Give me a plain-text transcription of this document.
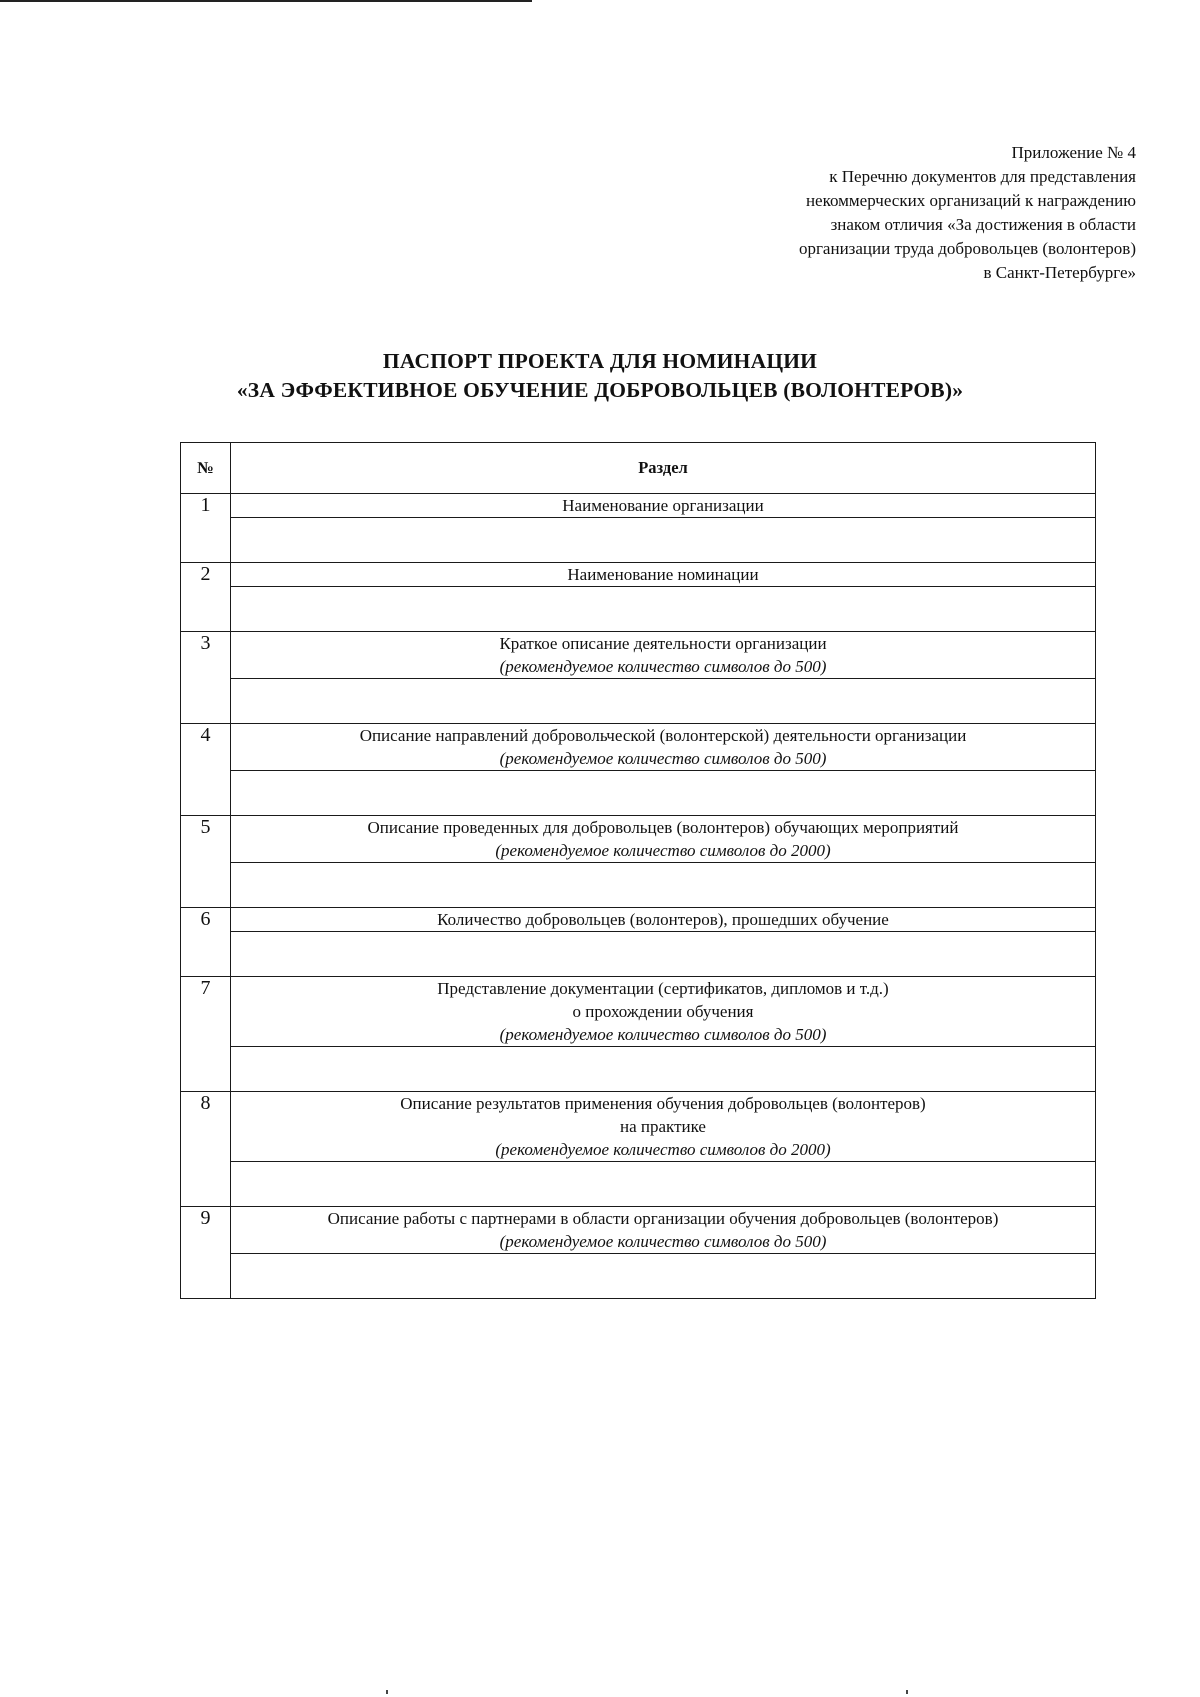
Приложение № 4
к Перечню документов для представления
некоммерческих организаций к награждению
знаком отличия «За достижения в области
организации труда добровольцев (волонтеров)
в Санкт-Петербурге»
ПАСПОРТ ПРОЕКТА ДЛЯ НОМИНАЦИИ
«ЗА ЭФФЕКТИВНОЕ ОБУЧЕНИЕ ДОБРОВОЛЬЦЕВ (ВОЛОНТЕРОВ)»
№	Раздел
1	Наименование организации

2	Наименование номинации

3	Краткое описание деятельности организации
(рекомендуемое количество символов до 500)

4	Описание направлений добровольческой (волонтерской) деятельности организации
(рекомендуемое количество символов до 500)

5	Описание проведенных для добровольцев (волонтеров) обучающих мероприятий
(рекомендуемое количество символов до 2000)

6	Количество добровольцев (волонтеров), прошедших обучение

7	Представление документации (сертификатов, дипломов и т.д.)
о прохождении обучения
(рекомендуемое количество символов до 500)

8	Описание результатов применения обучения добровольцев (волонтеров)
на практике
(рекомендуемое количество символов до 2000)

9	Описание работы с партнерами в области организации обучения добровольцев (волонтеров)
(рекомендуемое количество символов до 500)
